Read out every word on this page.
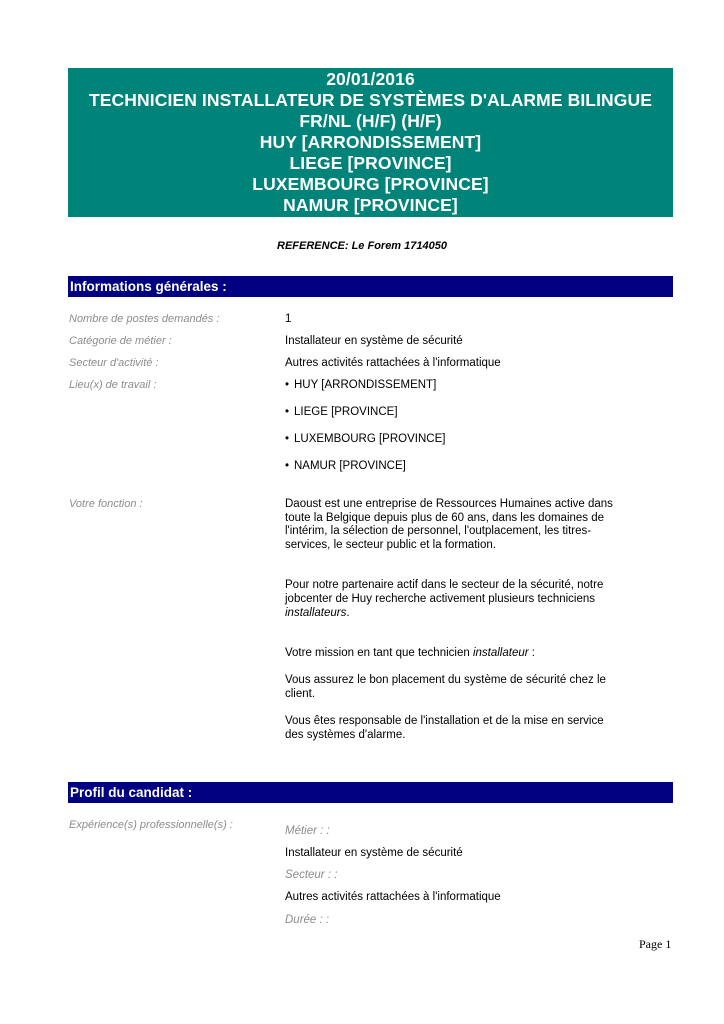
20/01/2016
TECHNICIEN INSTALLATEUR DE SYSTÈMES D'ALARME BILINGUE
FR/NL (H/F) (H/F)
HUY [ARRONDISSEMENT]
LIEGE [PROVINCE]
LUXEMBOURG [PROVINCE]
NAMUR [PROVINCE]
REFERENCE: Le Forem 1714050
Informations générales :
Nombre de postes demandés :	1
Catégorie de métier :	Installateur en système de sécurité
Secteur d'activité :	Autres activités rattachées à l'informatique
Lieu(x) de travail :	• HUY [ARRONDISSEMENT]
• LIEGE [PROVINCE]
• LUXEMBOURG [PROVINCE]
• NAMUR [PROVINCE]
Votre fonction :	Daoust est une entreprise de Ressources Humaines active dans toute la Belgique depuis plus de 60 ans, dans les domaines de l'intérim, la sélection de personnel, l'outplacement, les titres-services, le secteur public et la formation.

Pour notre partenaire actif dans le secteur de la sécurité, notre jobcenter de Huy recherche activement plusieurs techniciens installateurs.

Votre mission en tant que technicien installateur :

Vous assurez le bon placement du système de sécurité chez le client.

Vous êtes responsable de l'installation et de la mise en service des systèmes d'alarme.

Profil du candidat :
Expérience(s) professionnelle(s) :	Métier : :
Installateur en système de sécurité
Secteur : :
Autres activités rattachées à l'informatique
Durée : :
Page 1
